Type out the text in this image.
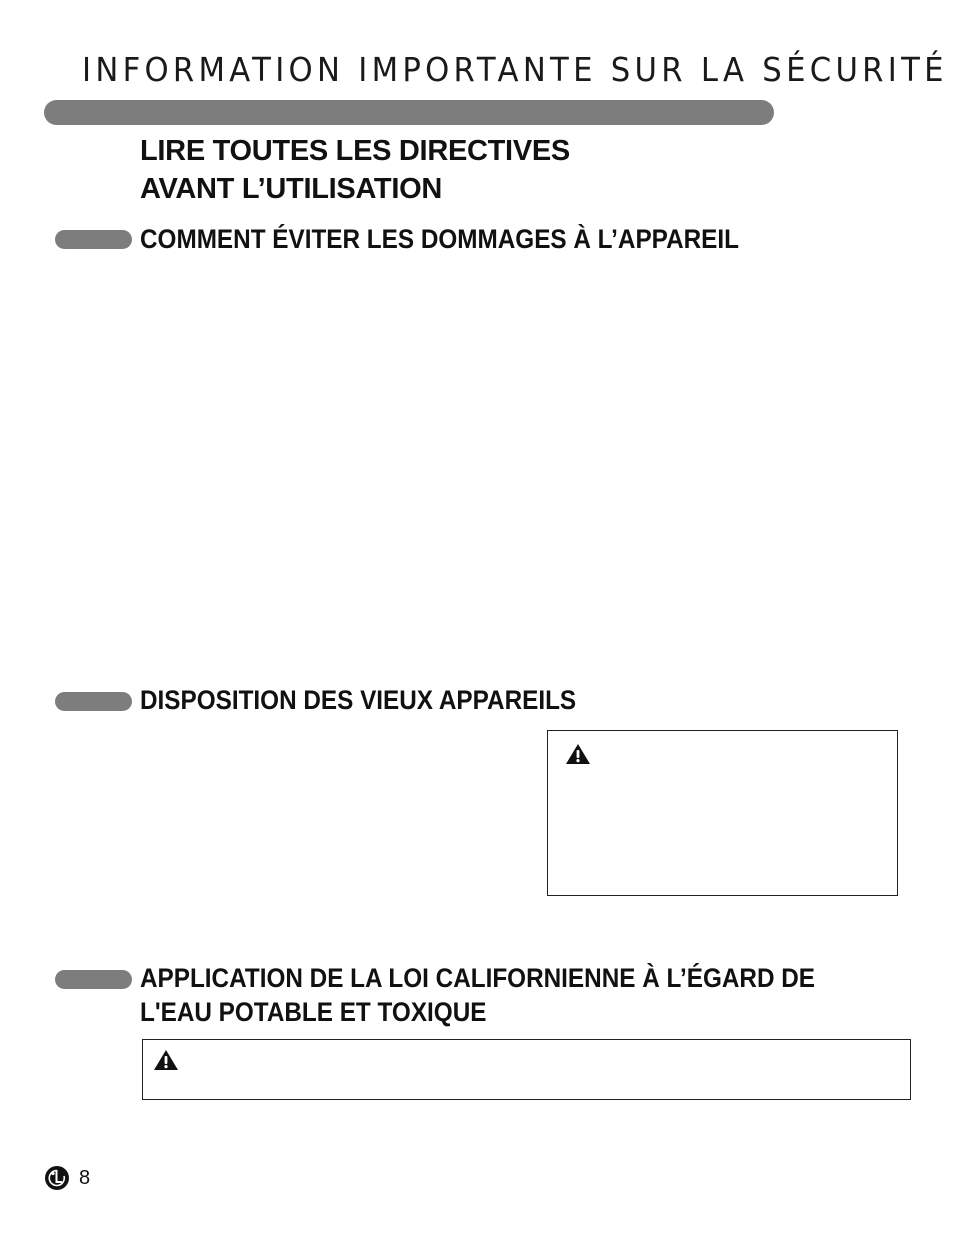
INFORMATION IMPORTANTE SUR LA SÉCURITÉ
LIRE TOUTES LES DIRECTIVES
AVANT L’UTILISATION
COMMENT ÉVITER LES DOMMAGES À L’APPAREIL
DISPOSITION DES VIEUX APPAREILS
APPLICATION DE LA LOI CALIFORNIENNE À L’ÉGARD DE
L'EAU POTABLE ET TOXIQUE
8
